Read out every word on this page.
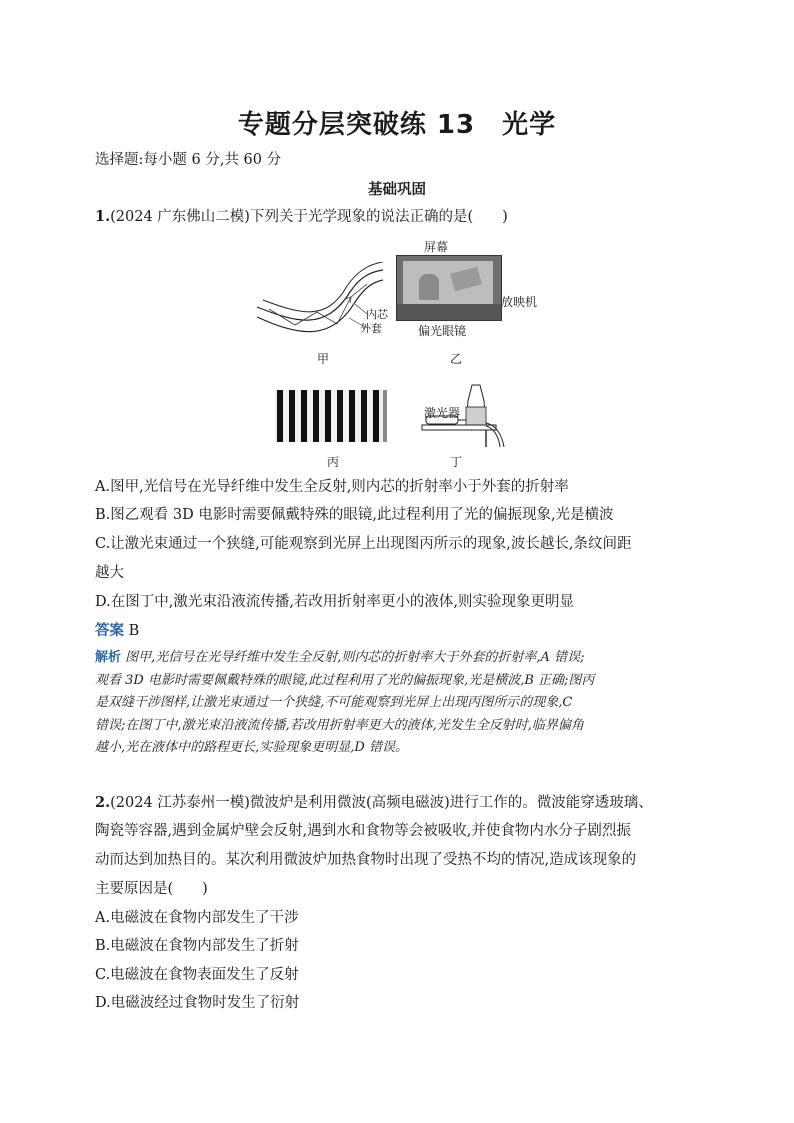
专题分层突破练 13　光学
选择题:每小题 6 分,共 60 分
基础巩固
1.(2024 广东佛山二模)下列关于光学现象的说法正确的是(　　)
内芯
外套
甲
屏幕
放映机
偏光眼镜
乙
丙
激光器
丁
A.图甲,光信号在光导纤维中发生全反射,则内芯的折射率小于外套的折射率
B.图乙观看 3D 电影时需要佩戴特殊的眼镜,此过程利用了光的偏振现象,光是横波
C.让激光束通过一个狭缝,可能观察到光屏上出现图丙所示的现象,波长越长,条纹间距
越大
D.在图丁中,激光束沿液流传播,若改用折射率更小的液体,则实验现象更明显
答案 B
解析 图甲,光信号在光导纤维中发生全反射,则内芯的折射率大于外套的折射率,A 错误;
观看 3D 电影时需要佩戴特殊的眼镜,此过程利用了光的偏振现象,光是横波,B 正确;图丙
是双缝干涉图样,让激光束通过一个狭缝,不可能观察到光屏上出现丙图所示的现象,C
错误;在图丁中,激光束沿液流传播,若改用折射率更大的液体,光发生全反射时,临界偏角
越小,光在液体中的路程更长,实验现象更明显,D 错误。
2.(2024 江苏泰州一模)微波炉是利用微波(高频电磁波)进行工作的。微波能穿透玻璃、
陶瓷等容器,遇到金属炉壁会反射,遇到水和食物等会被吸收,并使食物内水分子剧烈振
动而达到加热目的。某次利用微波炉加热食物时出现了受热不均的情况,造成该现象的
主要原因是(　　)
A.电磁波在食物内部发生了干涉
B.电磁波在食物内部发生了折射
C.电磁波在食物表面发生了反射
D.电磁波经过食物时发生了衍射
